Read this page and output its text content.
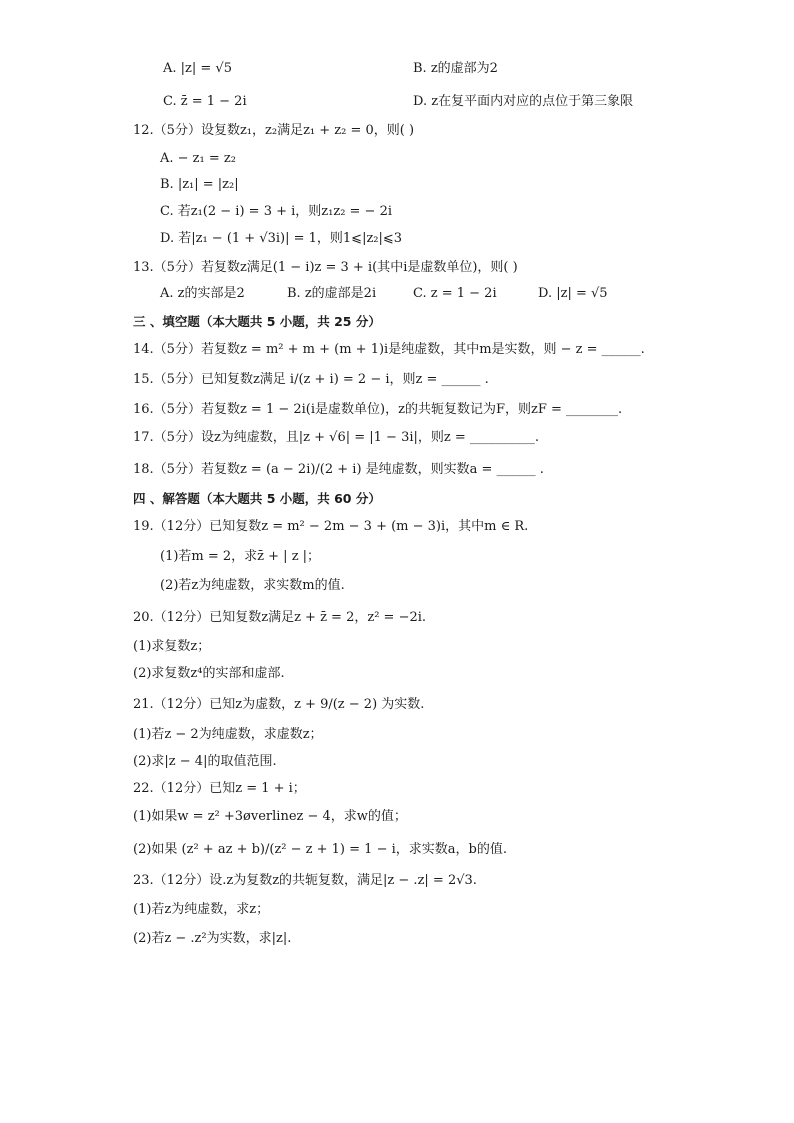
A. |z| = √5	B. z的虚部为2
C. z̄ = 1 − 2i	D. z在复平面内对应的点位于第三象限
12.（5分）设复数z₁，z₂满足z₁ + z₂ = 0，则( )
A. − z₁ = z₂
B. |z₁| = |z₂|
C. 若z₁(2 − i) = 3 + i，则z₁z₂ = − 2i
D. 若|z₁ − (1 + √3i)| = 1，则1⩽|z₂|⩽3
13.（5分）若复数z满足(1 − i)z = 3 + i(其中i是虚数单位)，则( )
A. z的实部是2	B. z的虚部是2i	C. z = 1 − 2i	D. |z| = √5
三 、填空题（本大题共 5 小题，共 25 分）
14.（5分）若复数z = m² + m + (m + 1)i是纯虚数，其中m是实数，则 − z = ______.
15.（5分）已知复数z满足 i/(z + i) = 2 − i，则z = ______ .
16.（5分）若复数z = 1 − 2i(i是虚数单位)，z的共轭复数记为F，则zF = ________.
17.（5分）设z为纯虚数，且|z + √6| = |1 − 3i|，则z = __________.
18.（5分）若复数z = (a − 2i)/(2 + i) 是纯虚数，则实数a = ______ .
四 、解答题（本大题共 5 小题，共 60 分）
19.（12分）已知复数z = m² − 2m − 3 + (m − 3)i，其中m ∈ R.
(1)若m = 2，求z̄ + | z |；
(2)若z为纯虚数，求实数m的值.
20.（12分）已知复数z满足z + z̄ = 2，z² = −2i.
(1)求复数z；
(2)求复数z⁴的实部和虚部.
21.（12分）已知z为虚数，z + 9/(z − 2) 为实数.
(1)若z − 2为纯虚数，求虚数z；
(2)求|z − 4|的取值范围.
22.（12分）已知z = 1 + i；
(1)如果w = z² +3øverlinez − 4，求w的值；
(2)如果 (z² + az + b)/(z² − z + 1) = 1 − i，求实数a，b的值.
23.（12分）设.z为复数z的共轭复数，满足|z − .z| = 2√3.
(1)若z为纯虚数，求z；
(2)若z − .z²为实数，求|z|.
